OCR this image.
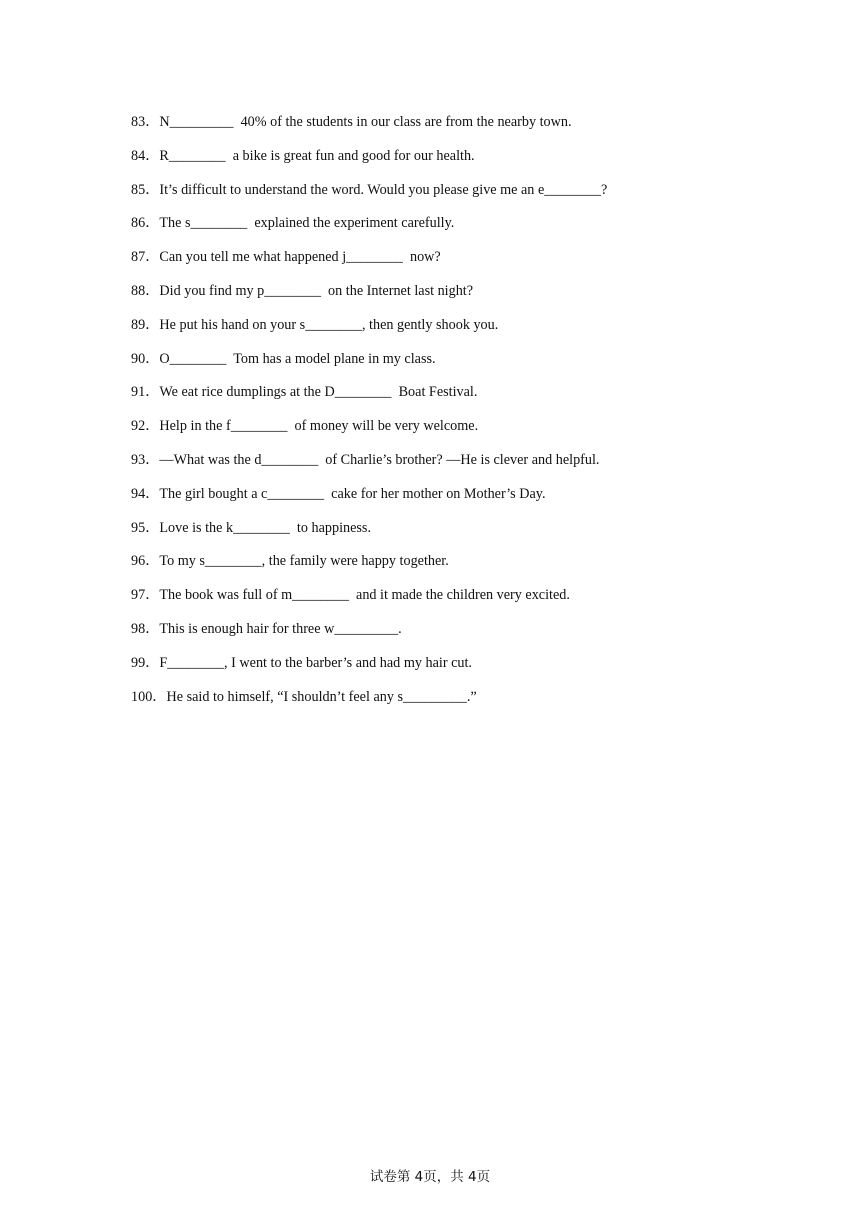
83．N_________  40% of the students in our class are from the nearby town.
84．R________  a bike is great fun and good for our health.
85．It’s difficult to understand the word. Would you please give me an e________?
86．The s________  explained the experiment carefully.
87．Can you tell me what happened j________  now?
88．Did you find my p________  on the Internet last night?
89．He put his hand on your s________, then gently shook you.
90．O________  Tom has a model plane in my class.
91．We eat rice dumplings at the D________  Boat Festival.
92．Help in the f________  of money will be very welcome.
93．—What was the d________  of Charlie’s brother? —He is clever and helpful.
94．The girl bought a c________  cake for her mother on Mother’s Day.
95．Love is the k________  to happiness.
96．To my s________, the family were happy together.
97．The book was full of m________  and it made the children very excited.
98．This is enough hair for three w_________.
99．F________, I went to the barber’s and had my hair cut.
100．He said to himself, “I shouldn’t feel any s_________.”
试卷第 4页，共 4页
